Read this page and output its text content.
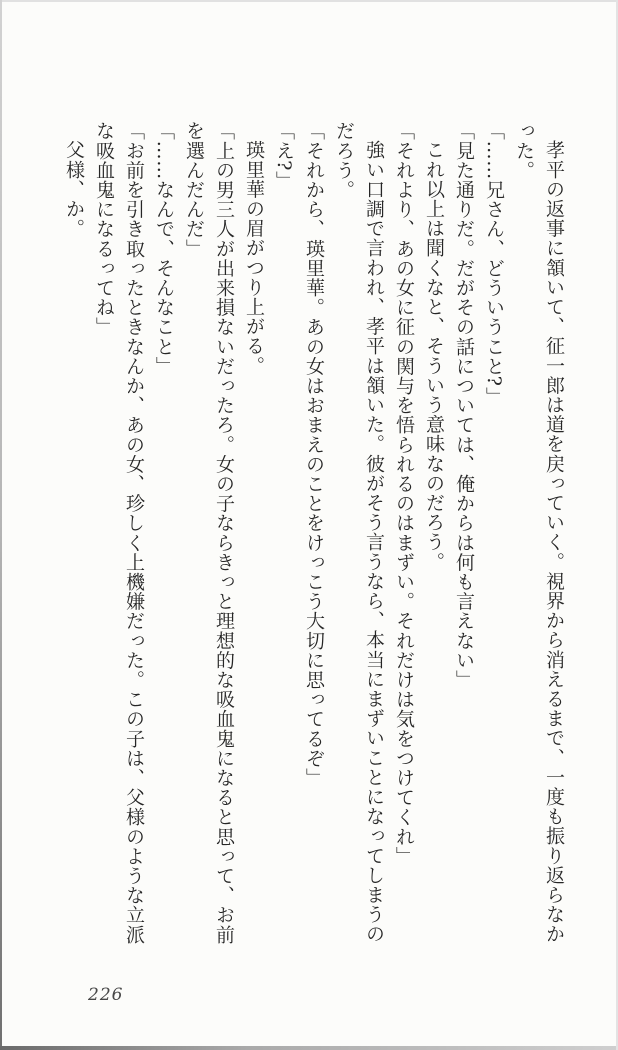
孝平の返事に頷いて、征一郎は道を戻っていく。視界から消えるまで、一度も振り返らなかった。

「……兄さん、どういうこと?」

「見た通りだ。だがその話については、俺からは何も言えない」

これ以上は聞くなと、そういう意味なのだろう。

「それより、あの女に征の関与を悟られるのはまずい。それだけは気をつけてくれ」

強い口調で言われ、孝平は頷いた。彼がそう言うなら、本当にまずいことになってしまうのだろう。

「それから、瑛里華。あの女はおまえのことをけっこう大切に思ってるぞ」

「え?」

瑛里華の眉がつり上がる。

「上の男三人が出来損ないだったろ。女の子ならきっと理想的な吸血鬼になると思って、お前を選んだんだ」

「……なんで、そんなこと」

「お前を引き取ったときなんか、あの女、珍しく上機嫌だった。この子は、父様のような立派な吸血鬼になるってね」

父様、か。

226
